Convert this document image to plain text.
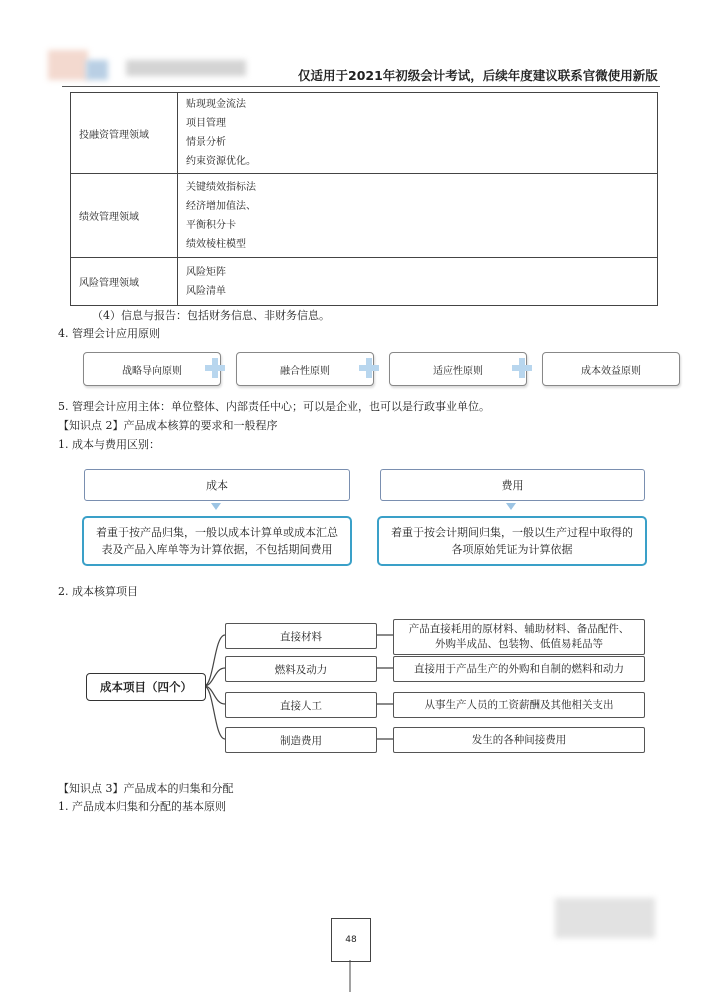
仅适用于2021年初级会计考试，后续年度建议联系官微使用新版
投融资管理领域	贴现现金流法
项目管理
情景分析
约束资源优化。

绩效管理领域	关键绩效指标法
经济增加值法、
平衡积分卡
绩效棱柱模型

风险管理领域	风险矩阵
风险清单
（4）信息与报告：包括财务信息、非财务信息。
4. 管理会计应用原则
战略导向原则	融合性原则	适应性原则	成本效益原则
5. 管理会计应用主体：单位整体、内部责任中心；可以是企业，也可以是行政事业单位。
【知识点 2】产品成本核算的要求和一般程序
1. 成本与费用区别：
成本
着重于按产品归集，一般以成本计算单或成本汇总
表及产品入库单等为计算依据，不包括期间费用
费用
着重于按会计期间归集，一般以生产过程中取得的
各项原始凭证为计算依据
2. 成本核算项目
成本项目（四个）
直接材料
燃料及动力
直接人工
制造费用
产品直接耗用的原材料、辅助材料、备品配件、
外购半成品、包装物、低值易耗品等
直接用于产品生产的外购和自制的燃料和动力
从事生产人员的工资薪酬及其他相关支出
发生的各种间接费用
【知识点 3】产品成本的归集和分配
1. 产品成本归集和分配的基本原则
48
